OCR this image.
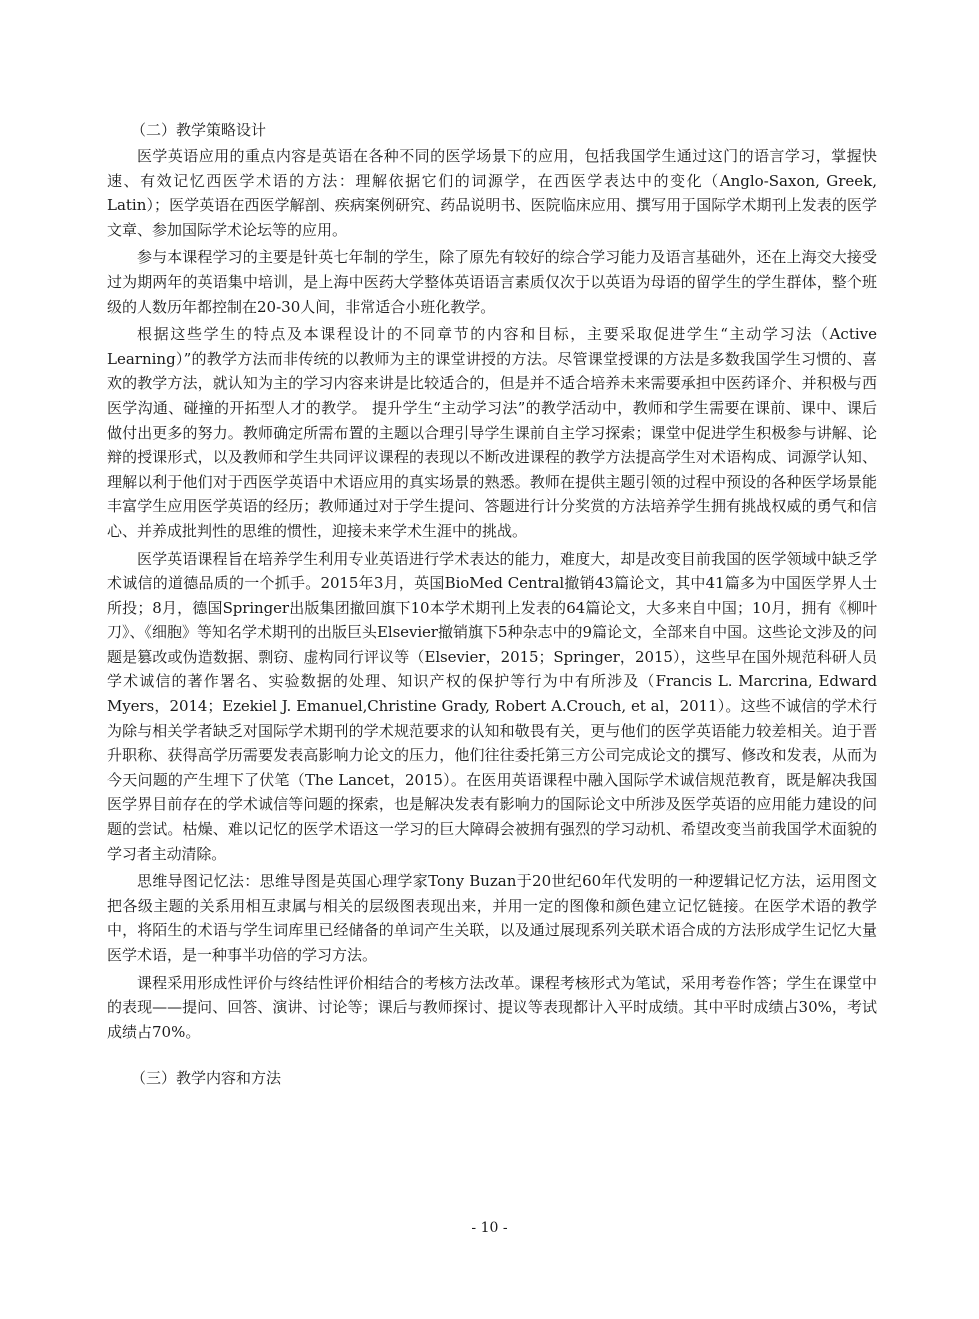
（二）教学策略设计

医学英语应用的重点内容是英语在各种不同的医学场景下的应用，包括我国学生通过这门的语言学习，掌握快速、有效记忆西医学术语的方法：理解依据它们的词源学，在西医学表达中的变化（Anglo-Saxon, Greek, Latin）；医学英语在西医学解剖、疾病案例研究、药品说明书、医院临床应用、撰写用于国际学术期刊上发表的医学文章、参加国际学术论坛等的应用。

参与本课程学习的主要是针英七年制的学生，除了原先有较好的综合学习能力及语言基础外，还在上海交大接受过为期两年的英语集中培训，是上海中医药大学整体英语语言素质仅次于以英语为母语的留学生的学生群体，整个班级的人数历年都控制在20-30人间，非常适合小班化教学。

根据这些学生的特点及本课程设计的不同章节的内容和目标，主要采取促进学生“主动学习法（Active Learning）”的教学方法而非传统的以教师为主的课堂讲授的方法。尽管课堂授课的方法是多数我国学生习惯的、喜欢的教学方法，就认知为主的学习内容来讲是比较适合的，但是并不适合培养未来需要承担中医药译介、并积极与西医学沟通、碰撞的开拓型人才的教学。 提升学生“主动学习法”的教学活动中，教师和学生需要在课前、课中、课后做付出更多的努力。教师确定所需布置的主题以合理引导学生课前自主学习探索；课堂中促进学生积极参与讲解、论辩的授课形式，以及教师和学生共同评议课程的表现以不断改进课程的教学方法提高学生对术语构成、词源学认知、理解以利于他们对于西医学英语中术语应用的真实场景的熟悉。教师在提供主题引领的过程中预设的各种医学场景能丰富学生应用医学英语的经历；教师通过对于学生提问、答题进行计分奖赏的方法培养学生拥有挑战权威的勇气和信心、并养成批判性的思维的惯性，迎接未来学术生涯中的挑战。

医学英语课程旨在培养学生利用专业英语进行学术表达的能力，难度大，却是改变目前我国的医学领域中缺乏学术诚信的道德品质的一个抓手。2015年3月，英国BioMed Central撤销43篇论文，其中41篇多为中国医学界人士所投；8月，德国Springer出版集团撤回旗下10本学术期刊上发表的64篇论文，大多来自中国；10月，拥有《柳叶刀》、《细胞》等知名学术期刊的出版巨头Elsevier撤销旗下5种杂志中的9篇论文，全部来自中国。这些论文涉及的问题是篡改或伪造数据、剽窃、虚构同行评议等（Elsevier，2015；Springer，2015），这些早在国外规范科研人员学术诚信的著作署名、实验数据的处理、知识产权的保护等行为中有所涉及（Francis L. Marcrina, Edward Myers，2014；Ezekiel J. Emanuel,Christine Grady, Robert A.Crouch, et al，2011）。这些不诚信的学术行为除与相关学者缺乏对国际学术期刊的学术规范要求的认知和敬畏有关，更与他们的医学英语能力较差相关。迫于晋升职称、获得高学历需要发表高影响力论文的压力，他们往往委托第三方公司完成论文的撰写、修改和发表，从而为今天问题的产生埋下了伏笔（The Lancet，2015）。在医用英语课程中融入国际学术诚信规范教育，既是解决我国医学界目前存在的学术诚信等问题的探索，也是解决发表有影响力的国际论文中所涉及医学英语的应用能力建设的问题的尝试。枯燥、难以记忆的医学术语这一学习的巨大障碍会被拥有强烈的学习动机、希望改变当前我国学术面貌的学习者主动清除。

思维导图记忆法：思维导图是英国心理学家Tony Buzan于20世纪60年代发明的一种逻辑记忆方法，运用图文把各级主题的关系用相互隶属与相关的层级图表现出来，并用一定的图像和颜色建立记忆链接。在医学术语的教学中，将陌生的术语与学生词库里已经储备的单词产生关联，以及通过展现系列关联术语合成的方法形成学生记忆大量医学术语，是一种事半功倍的学习方法。

课程采用形成性评价与终结性评价相结合的考核方法改革。课程考核形式为笔试，采用考卷作答；学生在课堂中的表现——提问、回答、演讲、讨论等；课后与教师探讨、提议等表现都计入平时成绩。其中平时成绩占30%，考试成绩占70%。

（三）教学内容和方法
- 10 -
